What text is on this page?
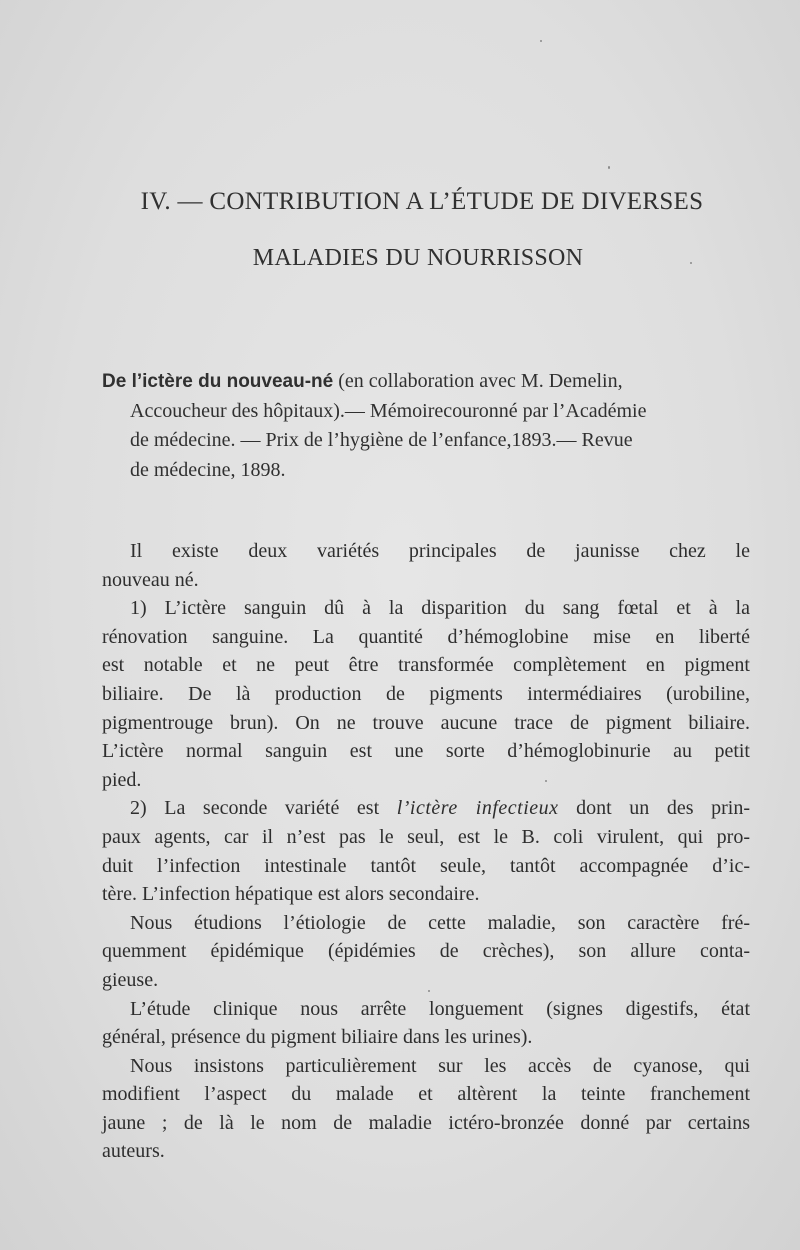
IV. — CONTRIBUTION A L’ÉTUDE DE DIVERSES
MALADIES DU NOURRISSON
De l’ictère du nouveau-né (en collaboration avec M. Demelin,
Accoucheur des hôpitaux).— Mémoirecouronné par l’Académie
de médecine. — Prix de l’hygiène de l’enfance,1893.— Revue
de médecine, 1898.
Il existe deux variétés principales de jaunisse chez le
nouveau né.
1) L’ictère sanguin dû à la disparition du sang fœtal et à la
rénovation sanguine. La quantité d’hémoglobine mise en liberté
est notable et ne peut être transformée complètement en pigment
biliaire. De là production de pigments intermédiaires (urobiline,
pigmentrouge brun). On ne trouve aucune trace de pigment biliaire.
L’ictère normal sanguin est une sorte d’hémoglobinurie au petit
pied.
2) La seconde variété est l’ictère infectieux dont un des prin-
paux agents, car il n’est pas le seul, est le B. coli virulent, qui pro-
duit l’infection intestinale tantôt seule, tantôt accompagnée d’ic-
tère. L’infection hépatique est alors secondaire.
Nous étudions l’étiologie de cette maladie, son caractère fré-
quemment épidémique (épidémies de crèches), son allure conta-
gieuse.
L’étude clinique nous arrête longuement (signes digestifs, état
général, présence du pigment biliaire dans les urines).
Nous insistons particulièrement sur les accès de cyanose, qui
modifient l’aspect du malade et altèrent la teinte franchement
jaune ; de là le nom de maladie ictéro-bronzée donné par certains
auteurs.
